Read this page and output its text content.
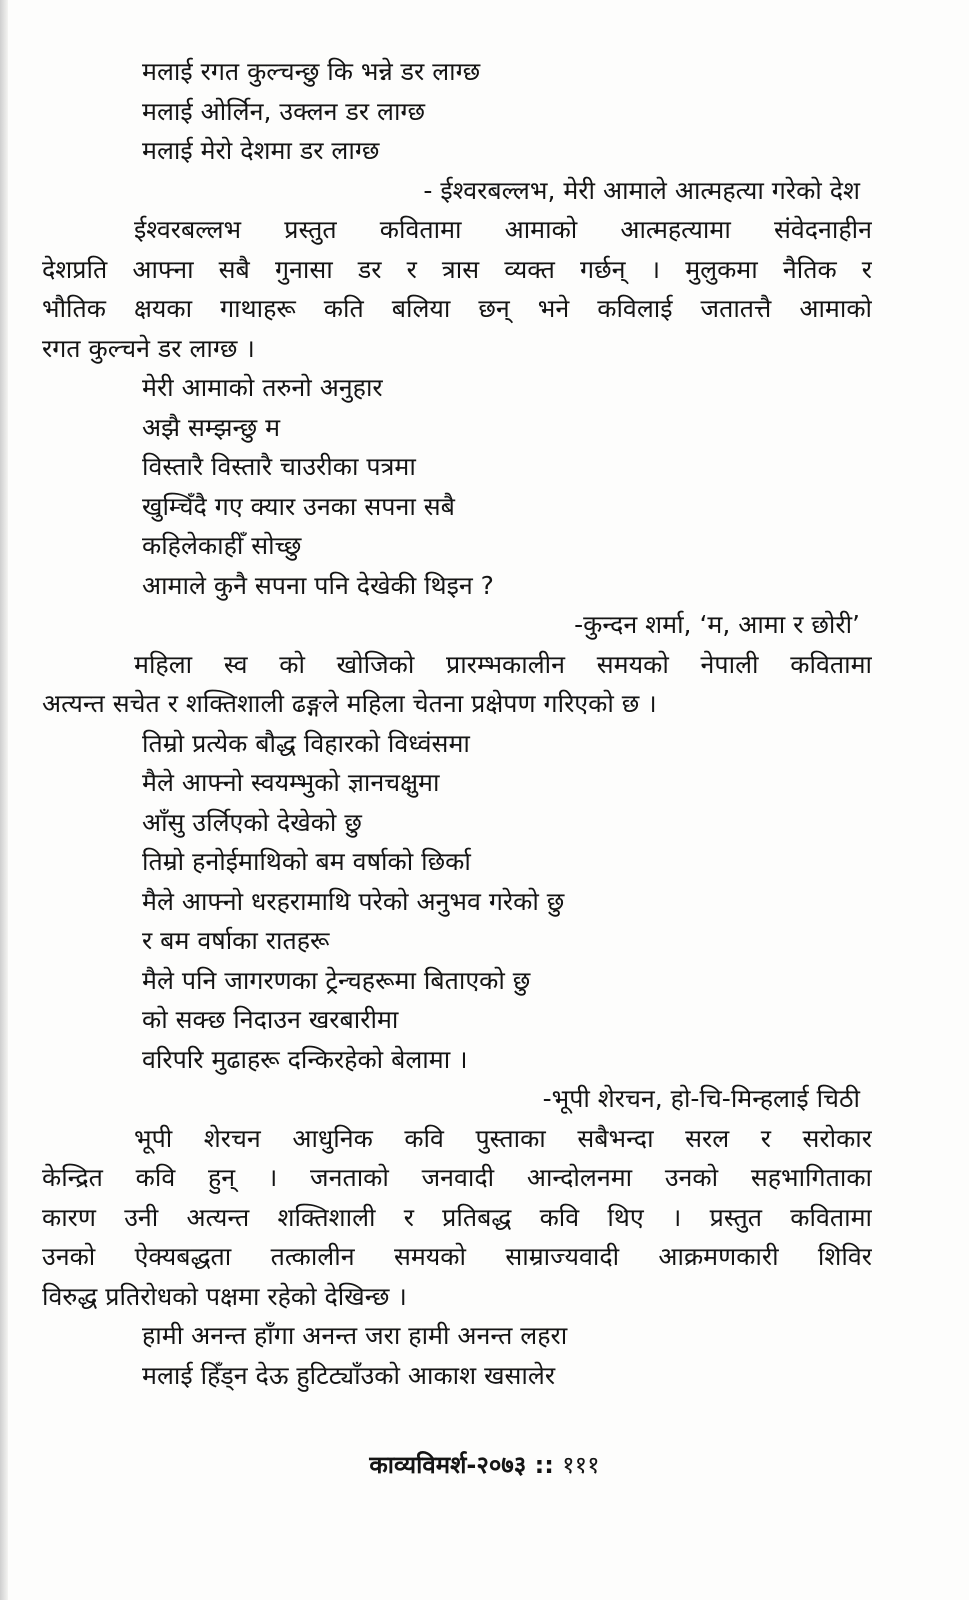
मलाई रगत कुल्चन्छु कि भन्ने डर लाग्छ
मलाई ओर्लिन, उक्लन डर लाग्छ
मलाई मेरो देशमा डर लाग्छ
- ईश्वरबल्लभ, मेरी आमाले आत्महत्या गरेको देश
ईश्वरबल्लभ प्रस्तुत कवितामा आमाको आत्महत्यामा संवेदनाहीन
देशप्रति आफ्ना सबै गुनासा डर र त्रास व्यक्त गर्छन् । मुलुकमा नैतिक र
भौतिक क्षयका गाथाहरू कति बलिया छन् भने कविलाई जतातत्तै आमाको
रगत कुल्चने डर लाग्छ ।
मेरी आमाको तरुनो अनुहार
अझै सम्झन्छु म
विस्तारै विस्तारै चाउरीका पत्रमा
खुम्चिँदै गए क्यार उनका सपना सबै
कहिलेकाहीँ सोच्छु
आमाले कुनै सपना पनि देखेकी थिइन ?
-कुन्दन शर्मा, ‘म, आमा र छोरी’
महिला स्व को खोजिको प्रारम्भकालीन समयको नेपाली कवितामा
अत्यन्त सचेत र शक्तिशाली ढङ्गले महिला चेतना प्रक्षेपण गरिएको छ ।
तिम्रो प्रत्येक बौद्ध विहारको विध्वंसमा
मैले आफ्नो स्वयम्भुको ज्ञानचक्षुमा
आँसु उर्लिएको देखेको छु
तिम्रो हनोईमाथिको बम वर्षाको छिर्का
मैले आफ्नो धरहरामाथि परेको अनुभव गरेको छु
र बम वर्षाका रातहरू
मैले पनि जागरणका ट्रेन्चहरूमा बिताएको छु
को सक्छ निदाउन खरबारीमा
वरिपरि मुढाहरू दन्किरहेको बेलामा ।
-भूपी शेरचन, हो-चि-मिन्हलाई चिठी
भूपी शेरचन आधुनिक कवि पुस्ताका सबैभन्दा सरल र सरोकार
केन्द्रित कवि हुन् । जनताको जनवादी आन्दोलनमा उनको सहभागिताका
कारण उनी अत्यन्त शक्तिशाली र प्रतिबद्ध कवि थिए । प्रस्तुत कवितामा
उनको ऐक्यबद्धता तत्कालीन समयको साम्राज्यवादी आक्रमणकारी शिविर
विरुद्ध प्रतिरोधको पक्षमा रहेको देखिन्छ ।
हामी अनन्त हाँगा अनन्त जरा हामी अनन्त लहरा
मलाई हिँड्न देऊ हुटिट्याँउको आकाश खसालेर
काव्यविमर्श-२०७३ :: १११
